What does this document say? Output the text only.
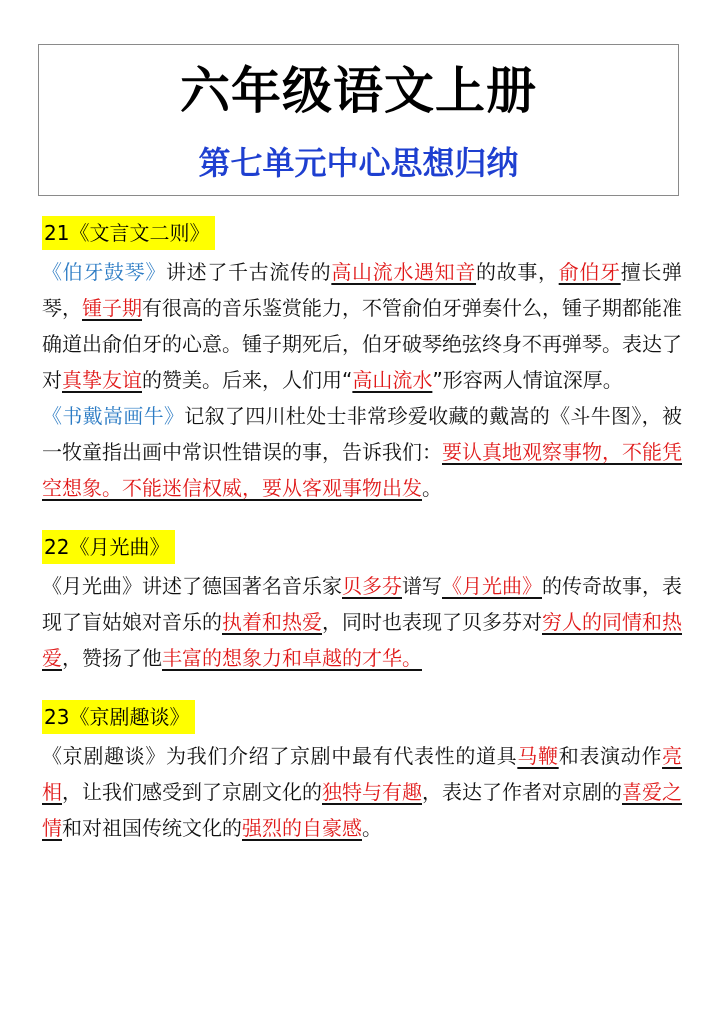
六年级语文上册
第七单元中心思想归纳
21《文言文二则》

《伯牙鼓琴》讲述了千古流传的高山流水遇知音的故事，俞伯牙擅长弹琴，锺子期有很高的音乐鉴赏能力，不管俞伯牙弹奏什么，锺子期都能准确道出俞伯牙的心意。锺子期死后，伯牙破琴绝弦终身不再弹琴。表达了对真挚友谊的赞美。后来，人们用“高山流水”形容两人情谊深厚。

《书戴嵩画牛》记叙了四川杜处士非常珍爱收藏的戴嵩的《斗牛图》，被一牧童指出画中常识性错误的事，告诉我们：要认真地观察事物，不能凭空想象。不能迷信权威，要从客观事物出发。

22《月光曲》

《月光曲》讲述了德国著名音乐家贝多芬谱写《月光曲》的传奇故事，表现了盲姑娘对音乐的执着和热爱，同时也表现了贝多芬对穷人的同情和热爱，赞扬了他丰富的想象力和卓越的才华。

23《京剧趣谈》

《京剧趣谈》为我们介绍了京剧中最有代表性的道具马鞭和表演动作亮相，让我们感受到了京剧文化的独特与有趣，表达了作者对京剧的喜爱之情和对祖国传统文化的强烈的自豪感。
